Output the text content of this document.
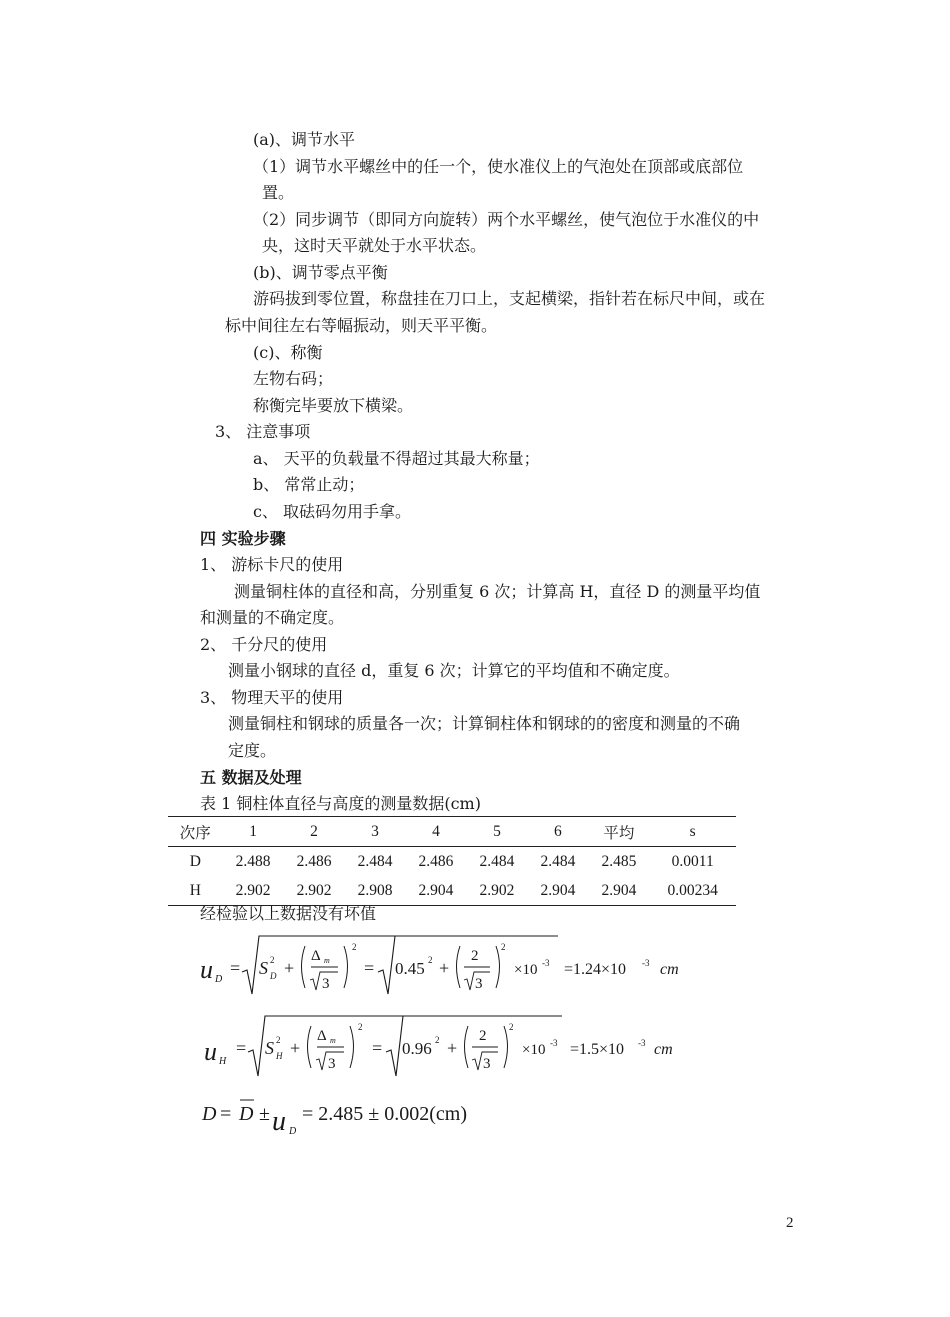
(a)、调节水平
（1）调节水平螺丝中的任一个，使水准仪上的气泡处在顶部或底部位
置。
（2）同步调节（即同方向旋转）两个水平螺丝，使气泡位于水准仪的中
央，这时天平就处于水平状态。
(b)、调节零点平衡
游码拔到零位置，称盘挂在刀口上，支起横梁，指针若在标尺中间，或在
标中间往左右等幅振动，则天平平衡。
(c)、称衡
左物右码；
称衡完毕要放下横梁。
3、 注意事项
a、 天平的负载量不得超过其最大称量；
b、 常常止动；
c、 取砝码勿用手拿。
四 实验步骤
1、 游标卡尺的使用
测量铜柱体的直径和高，分别重复 6 次；计算高 H，直径 D 的测量平均值
和测量的不确定度。
2、 千分尺的使用
测量小钢球的直径 d，重复 6 次；计算它的平均值和不确定度。
3、 物理天平的使用
测量铜柱和钢球的质量各一次；计算铜柱体和钢球的的密度和测量的不确
定度。
五 数据及处理
表 1 铜柱体直径与高度的测量数据(cm)
次序	1	2	3	4	5	6	平均	s
D	2.488	2.486	2.484	2.486	2.484	2.484	2.485	0.0011
H	2.902	2.902	2.908	2.904	2.902	2.904	2.904	0.00234
经检验以上数据没有坏值
u D
= S 2
D +
Δ m
3
2
= 0.45 2 +
2
3
2
×10 -3 =1.24×10 -3 cm
u H
= S 2
H +
Δ m
3
2
= 0.96 2 +
2
3
2
×10 -3 =1.5×10 -3 cm
D = D ± u D
= 2.485 ± 0.002(cm)
2
